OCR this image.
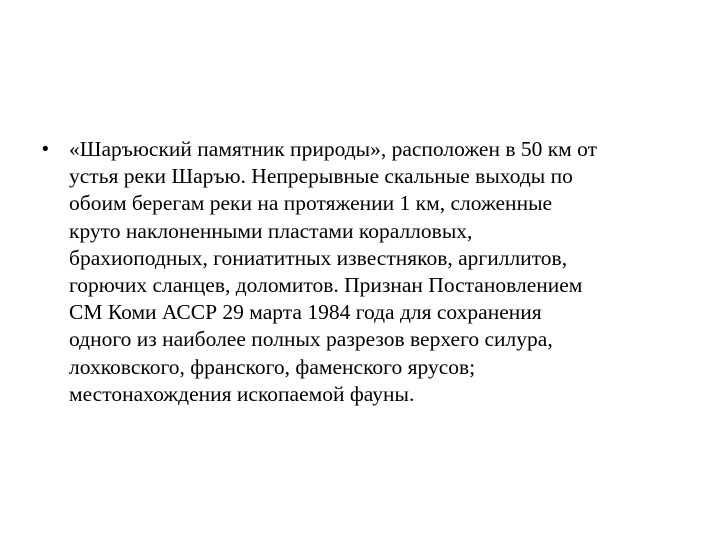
• «Шаръюский памятник природы», расположен в 50 км от
устья реки Шаръю. Непрерывные скальные выходы по
обоим берегам реки на протяжении 1 км, сложенные
круто наклоненными пластами коралловых,
брахиоподных, гониатитных известняков, аргиллитов,
горючих сланцев, доломитов. Признан Постановлением
СМ Коми АССР 29 марта 1984 года для сохранения
одного из наиболее полных разрезов верхего силура,
лохковского, франского, фаменского ярусов;
местонахождения ископаемой фауны.
